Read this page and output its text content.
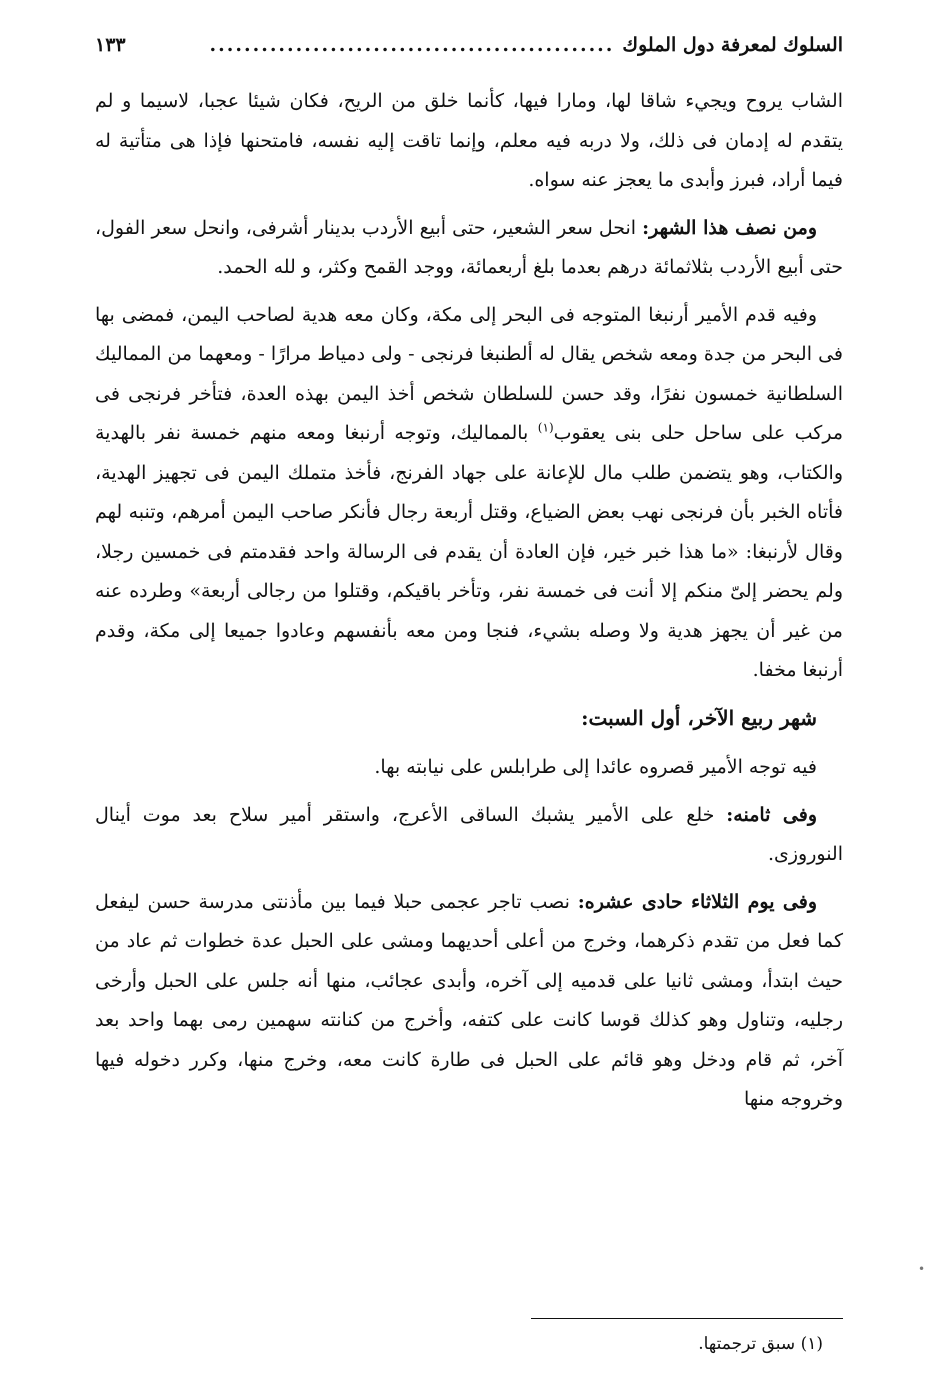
السلوك لمعرفة دول الملوك
...............................................
١٣٣

الشاب يروح ويجيء شاقا لها، ومارا فيها، كأنما خلق من الريح، فكان شيئا عجبا، لاسيما و لم يتقدم له إدمان فى ذلك، ولا دربه فيه معلم، وإنما تاقت إليه نفسه، فامتحنها فإذا هى متأتية له فيما أراد، فبرز وأبدى ما يعجز عنه سواه.

ومن نصف هذا الشهر: انحل سعر الشعير، حتى أبيع الأردب بدينار أشرفى، وانحل سعر الفول، حتى أبيع الأردب بثلاثمائة درهم بعدما بلغ أربعمائة، ووجد القمح وكثر، و لله الحمد.

وفيه قدم الأمير أرنبغا المتوجه فى البحر إلى مكة، وكان معه هدية لصاحب اليمن، فمضى بها فى البحر من جدة ومعه شخص يقال له ألطنبغا فرنجى - ولى دمياط مرارًا - ومعهما من المماليك السلطانية خمسون نفرًا، وقد حسن للسلطان شخص أخذ اليمن بهذه العدة، فتأخر فرنجى فى مركب على ساحل حلى بنى يعقوب$^{(١)}$ بالمماليك، وتوجه أرنبغا ومعه منهم خمسة نفر بالهدية والكتاب، وهو يتضمن طلب مال للإعانة على جهاد الفرنج، فأخذ متملك اليمن فى تجهيز الهدية، فأتاه الخبر بأن فرنجى نهب بعض الضياع، وقتل أربعة رجال فأنكر صاحب اليمن أمرهم، وتنبه لهم وقال لأرنبغا: «ما هذا خبر خير، فإن العادة أن يقدم فى الرسالة واحد فقدمتم فى خمسين رجلا، ولم يحضر إلىّ منكم إلا أنت فى خمسة نفر، وتأخر باقيكم، وقتلوا من رجالى أربعة» وطرده عنه من غير أن يجهز هدية ولا وصله بشيء، فنجا ومن معه بأنفسهم وعادوا جميعا إلى مكة، وقدم أرنبغا مخفا.

شهر ربيع الآخر، أول السبت:

فيه توجه الأمير قصروه عائدا إلى طرابلس على نيابته بها.

وفى ثامنه: خلع على الأمير يشبك الساقى الأعرج، واستقر أمير سلاح بعد موت أينال النوروزى.

وفى يوم الثلاثاء حادى عشره: نصب تاجر عجمى حبلا فيما بين مأذنتى مدرسة حسن ليفعل كما فعل من تقدم ذكرهما، وخرج من أعلى أحديهما ومشى على الحبل عدة خطوات ثم عاد من حيث ابتدأ، ومشى ثانيا على قدميه إلى آخره، وأبدى عجائب، منها أنه جلس على الحبل وأرخى رجليه، وتناول وهو كذلك قوسا كانت على كتفه، وأخرج من كنانته سهمين رمى بهما واحد بعد آخر، ثم قام ودخل وهو قائم على الحبل فى طارة كانت معه، وخرج منها، وكرر دخوله فيها وخروجه منها

(١) سبق ترجمتها.
•
